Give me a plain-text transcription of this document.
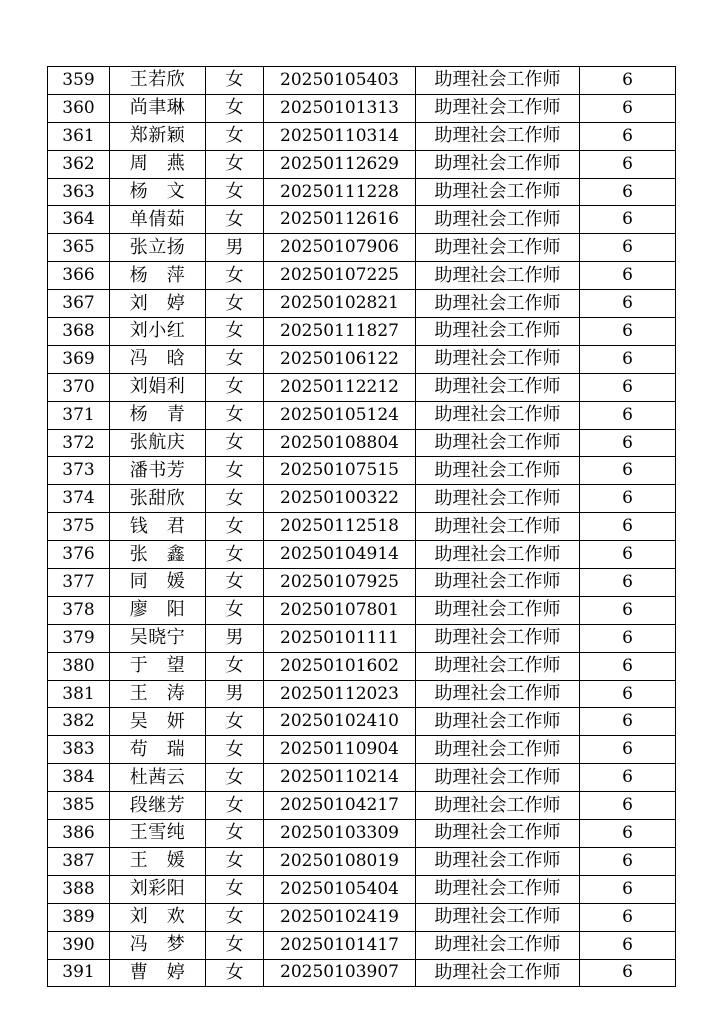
359	王若欣	女	20250105403	助理社会工作师	6
360	尚聿琳	女	20250101313	助理社会工作师	6
361	郑新颖	女	20250110314	助理社会工作师	6
362	周　燕	女	20250112629	助理社会工作师	6
363	杨　文	女	20250111228	助理社会工作师	6
364	单倩茹	女	20250112616	助理社会工作师	6
365	张立扬	男	20250107906	助理社会工作师	6
366	杨　萍	女	20250107225	助理社会工作师	6
367	刘　婷	女	20250102821	助理社会工作师	6
368	刘小红	女	20250111827	助理社会工作师	6
369	冯　晗	女	20250106122	助理社会工作师	6
370	刘娟利	女	20250112212	助理社会工作师	6
371	杨　青	女	20250105124	助理社会工作师	6
372	张航庆	女	20250108804	助理社会工作师	6
373	潘书芳	女	20250107515	助理社会工作师	6
374	张甜欣	女	20250100322	助理社会工作师	6
375	钱　君	女	20250112518	助理社会工作师	6
376	张　鑫	女	20250104914	助理社会工作师	6
377	同　媛	女	20250107925	助理社会工作师	6
378	廖　阳	女	20250107801	助理社会工作师	6
379	吴晓宁	男	20250101111	助理社会工作师	6
380	于　望	女	20250101602	助理社会工作师	6
381	王　涛	男	20250112023	助理社会工作师	6
382	吴　妍	女	20250102410	助理社会工作师	6
383	苟　瑞	女	20250110904	助理社会工作师	6
384	杜茜云	女	20250110214	助理社会工作师	6
385	段继芳	女	20250104217	助理社会工作师	6
386	王雪纯	女	20250103309	助理社会工作师	6
387	王　媛	女	20250108019	助理社会工作师	6
388	刘彩阳	女	20250105404	助理社会工作师	6
389	刘　欢	女	20250102419	助理社会工作师	6
390	冯　梦	女	20250101417	助理社会工作师	6
391	曹　婷	女	20250103907	助理社会工作师	6
